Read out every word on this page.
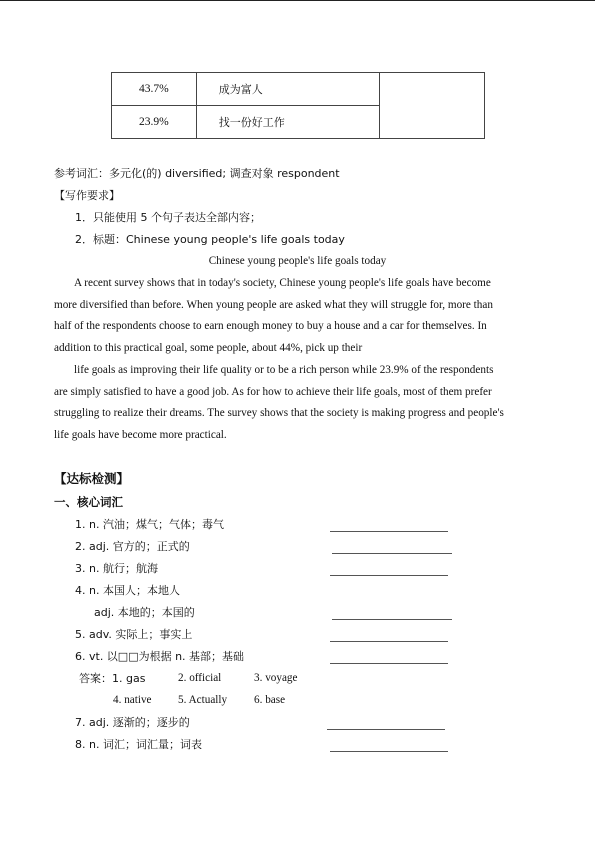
43.7%	成为富人	
23.9%	找一份好工作	
参考词汇：多元化(的) diversified; 调查对象 respondent
【写作要求】
1．只能使用 5 个句子表达全部内容；
2．标题：Chinese young people's life goals today
Chinese young people's life goals today
A recent survey shows that in today's society, Chinese young people's life goals have become
more diversified than before. When young people are asked what they will struggle for, more than
half of the respondents choose to earn enough money to buy a house and a car for themselves. In
addition to this practical goal, some people, about 44%, pick up their
life goals as improving their life quality or to be a rich person while 23.9% of the respondents
are simply satisfied to have a good job. As for how to achieve their life goals, most of them prefer
struggling to realize their dreams. The survey shows that the society is making progress and people's
life goals have become more practical.
【达标检测】
一、核心词汇
1. n. 汽油；煤气；气体；毒气
2. adj. 官方的；正式的
3. n. 航行；航海
4. n. 本国人；本地人
adj. 本地的；本国的
5. adv. 实际上；事实上
6. vt. 以□□为根据 n. 基部；基础
答案：1. gas	2. official	3. voyage
4. native 5. Actually 6. base
7. adj. 逐渐的；逐步的
8. n. 词汇；词汇量；词表
